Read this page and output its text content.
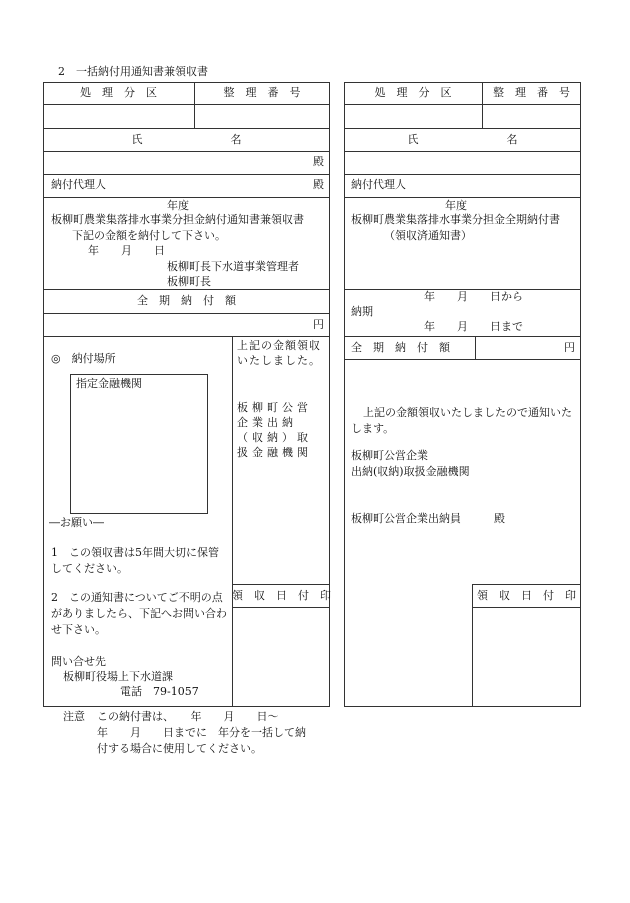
2　一括納付用通知書兼領収書
処　理　分　区	整　理　番　号
氏　　　　　　　　名
殿
納付代理人	殿
年度
板柳町農業集落排水事業分担金納付通知書兼領収書
下記の金額を納付して下さい。
年　　月　　日
板柳町長下水道事業管理者
板柳町長
全　期　納　付　額
円
◎　納付場所
指定金融機関
上記の金額領収いたしました。
板柳町公営企業出納（収納）取扱金融機関
―お願い―
1　この領収書は5年間大切に保管してください。
2　この通知書についてご不明の点がありましたら、下記へお問い合わせ下さい。
問い合せ先
板柳町役場上下水道課
電話　79-1057
領　収　日　付　印
処　理　分　区	整　理　番　号
氏　　　　　　　　名
納付代理人
年度
板柳町農業集落排水事業分担金全期納付書
（領収済通知書）
年　　月　　日から
納期
年　　月　　日まで
全　期　納　付　額	円
上記の金額領収いたしましたので通知いたします。
板柳町公営企業
出納(収納)取扱金融機関
板柳町公営企業出納員　　　殿
領　収　日　付　印
注意 この納付書は、　　年　　月　　日～
年　　月　　日までに　年分を一括して納
付する場合に使用してください。
